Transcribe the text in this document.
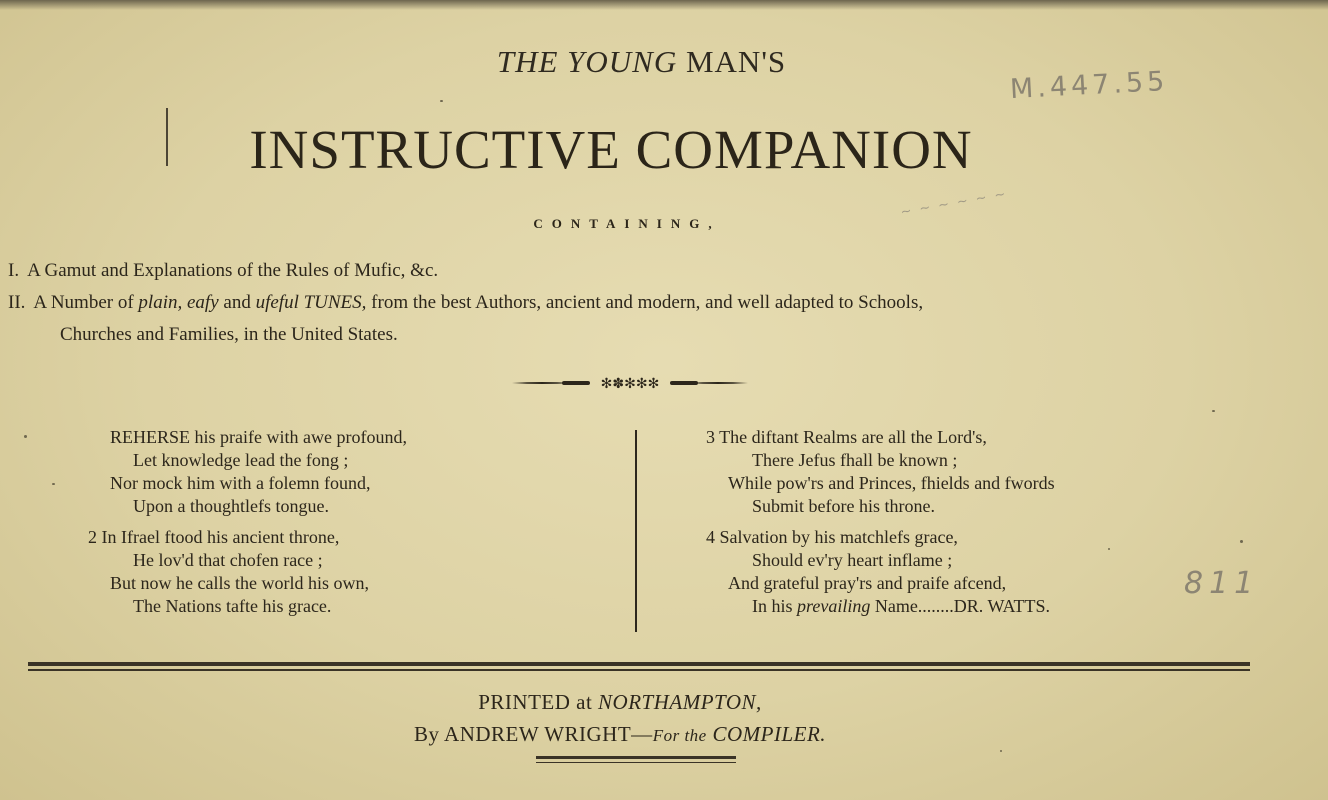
THE YOUNG MAN'S
INSTRUCTIVE COMPANION
M.447.55
~ ~ ~ ~ ~ ~
CONTAINING,
I. A Gamut and Explanations of the Rules of Mufic, &c.
II. A Number of plain, eafy and ufeful TUNES, from the best Authors, ancient and modern, and well adapted to Schools,
Churches and Families, in the United States.
✻✽✻✻✻
REHERSE his praife with awe profound,
Let knowledge lead the fong ;
Nor mock him with a folemn found,
Upon a thoughtlefs tongue.
2 In Ifrael ftood his ancient throne,
He lov'd that chofen race ;
But now he calls the world his own,
The Nations tafte his grace.
3 The diftant Realms are all the Lord's,
There Jefus fhall be known ;
While pow'rs and Princes, fhields and fwords
Submit before his throne.
4 Salvation by his matchlefs grace,
Should ev'ry heart inflame ;
And grateful pray'rs and praife afcend,
In his prevailing Name........DR. WATTS.
811
PRINTED at NORTHAMPTON,
By ANDREW WRIGHT—For the COMPILER.
